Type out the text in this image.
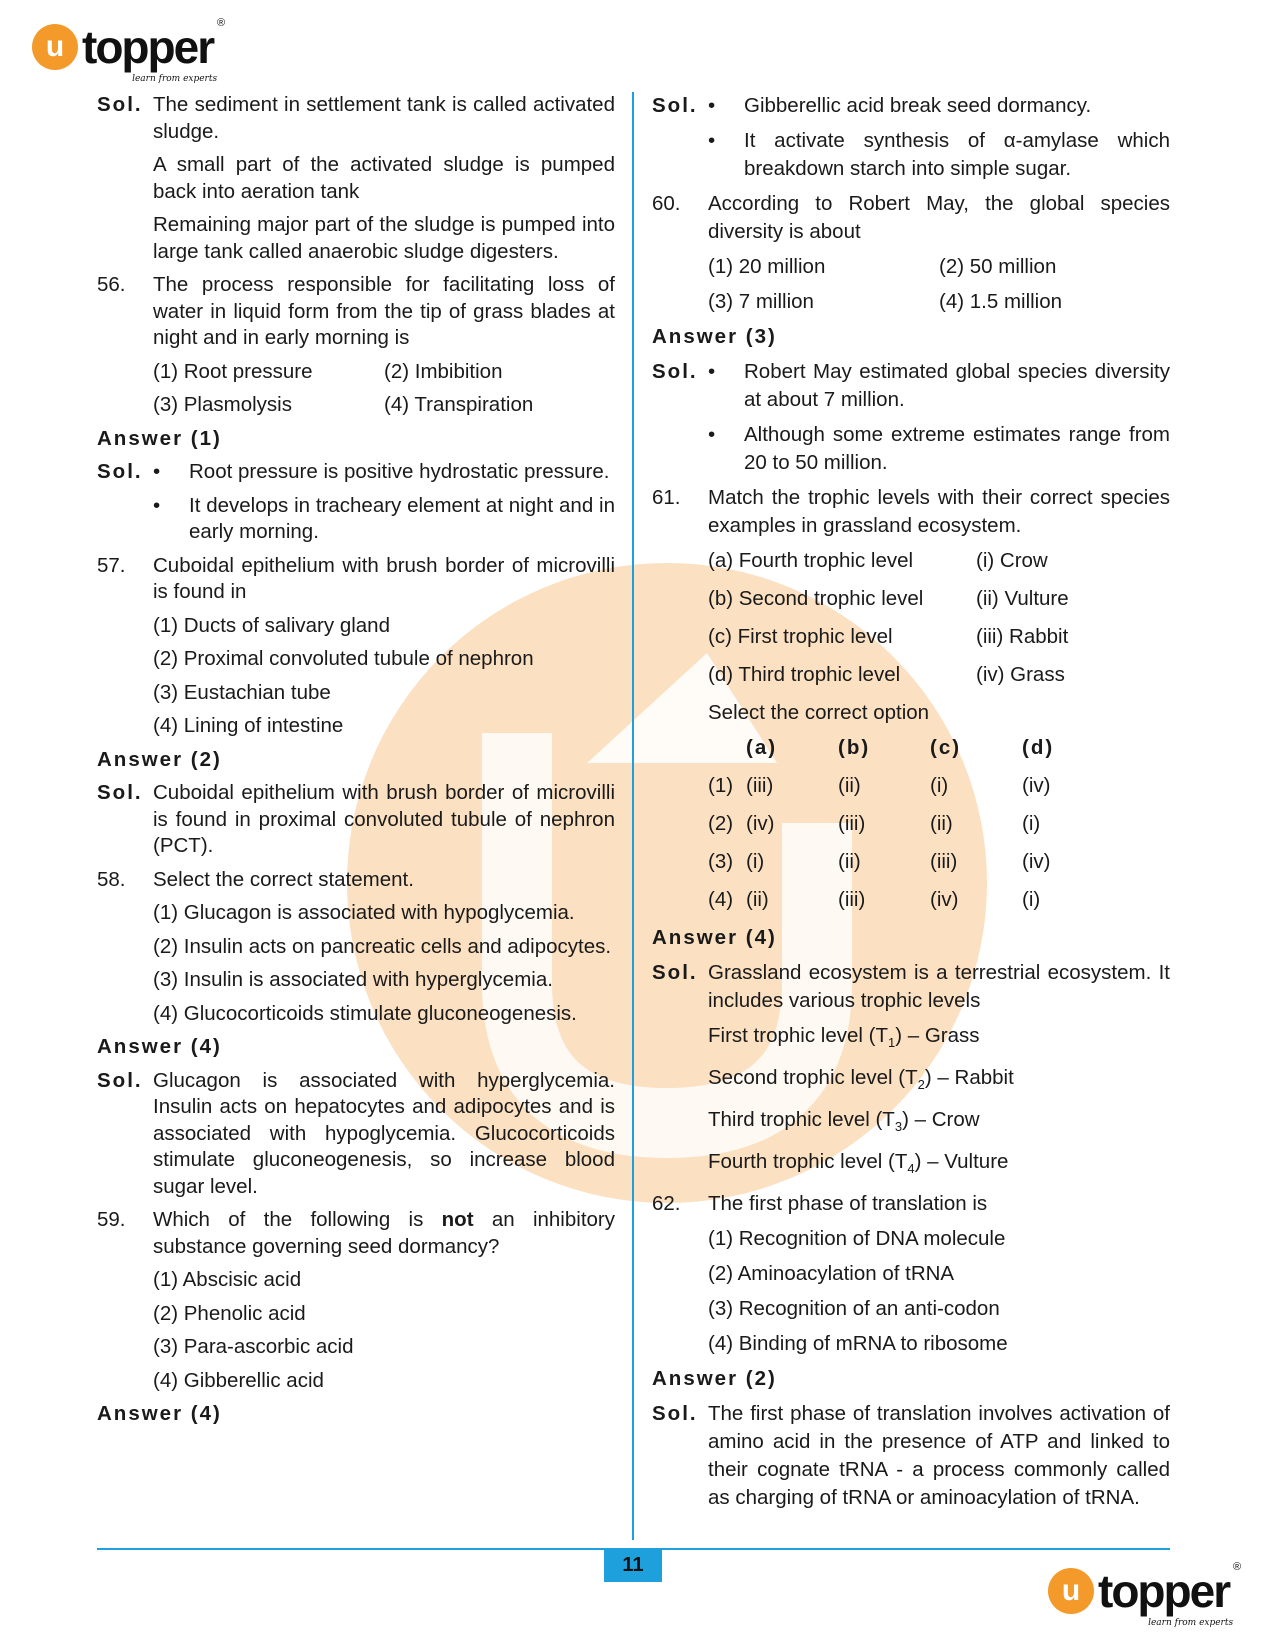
u topper ®
learn from experts
Sol. The sediment in settlement tank is called activated sludge.
A small part of the activated sludge is pumped back into aeration tank
Remaining major part of the sludge is pumped into large tank called anaerobic sludge digesters.
56.	The process responsible for facilitating loss of water in liquid form from the tip of grass blades at night and in early morning is
(1) Root pressure	(2) Imbibition
(3) Plasmolysis	(4) Transpiration
Answer (1)
Sol. •	Root pressure is positive hydrostatic pressure.
•	It develops in tracheary element at night and in early morning.
57.	Cuboidal epithelium with brush border of microvilli is found in
(1) Ducts of salivary gland
(2) Proximal convoluted tubule of nephron
(3) Eustachian tube
(4) Lining of intestine
Answer (2)
Sol. Cuboidal epithelium with brush border of microvilli is found in proximal convoluted tubule of nephron (PCT).
58.	Select the correct statement.
(1) Glucagon is associated with hypoglycemia.
(2) Insulin acts on pancreatic cells and adipocytes.
(3) Insulin is associated with hyperglycemia.
(4) Glucocorticoids stimulate gluconeogenesis.
Answer (4)
Sol. Glucagon is associated with hyperglycemia. Insulin acts on hepatocytes and adipocytes and is associated with hypoglycemia. Glucocorticoids stimulate gluconeogenesis, so increase blood sugar level.
59.	Which of the following is not an inhibitory substance governing seed dormancy?
(1) Abscisic acid
(2) Phenolic acid
(3) Para-ascorbic acid
(4) Gibberellic acid
Answer (4)
Sol. •	Gibberellic acid break seed dormancy.
•	It activate synthesis of α-amylase which breakdown starch into simple sugar.
60.	According to Robert May, the global species diversity is about
(1) 20 million	(2) 50 million
(3) 7 million	(4) 1.5 million
Answer (3)
Sol. •	Robert May estimated global species diversity at about 7 million.
•	Although some extreme estimates range from 20 to 50 million.
61.	Match the trophic levels with their correct species examples in grassland ecosystem.
(a) Fourth trophic level	(i) Crow
(b) Second trophic level	(ii) Vulture
(c) First trophic level	(iii) Rabbit
(d) Third trophic level	(iv) Grass
Select the correct option
(a)	(b)	(c)	(d)
(1) (iii)	(ii)	(i)	(iv)
(2) (iv)	(iii)	(ii)	(i)
(3) (i)	(ii)	(iii)	(iv)
(4) (ii)	(iii)	(iv)	(i)
Answer (4)
Sol. Grassland ecosystem is a terrestrial ecosystem. It includes various trophic levels
First trophic level $(T_1)$ – Grass
Second trophic level $(T_2)$ – Rabbit
Third trophic level $(T_3)$ – Crow
Fourth trophic level $(T_4)$ – Vulture
62.	The first phase of translation is
(1) Recognition of DNA molecule
(2) Aminoacylation of tRNA
(3) Recognition of an anti-codon
(4) Binding of mRNA to ribosome
Answer (2)
Sol. The first phase of translation involves activation of amino acid in the presence of ATP and linked to their cognate tRNA - a process commonly called as charging of tRNA or aminoacylation of tRNA.
11
u topper ®
learn from experts
